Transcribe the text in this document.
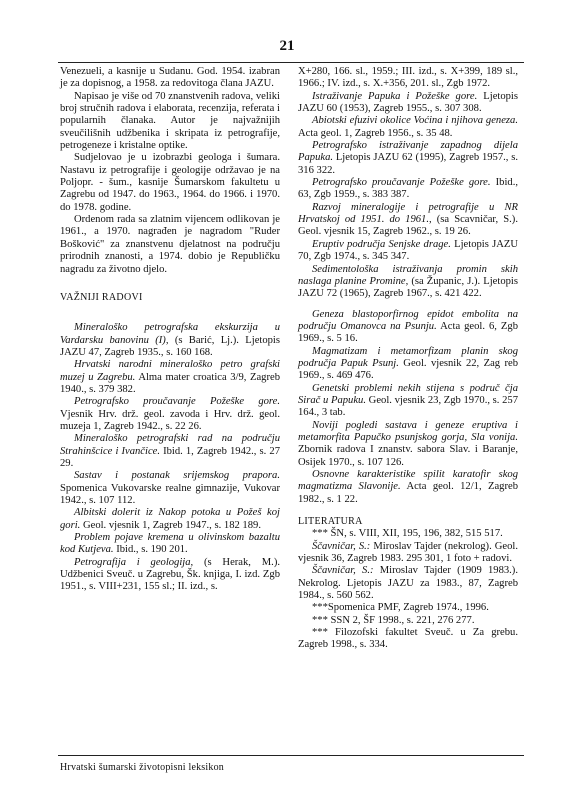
21

Venezueli, a kasnije u Sudanu. God. 1954. izabran je za dopisnog, a 1958. za redovitoga člana JAZU.

Napisao je više od 70 znanstvenih radova, veliki broj stručnih radova i elaborata, recenzija, referata i popularnih članaka. Autor je najvažnijih sveučilišnih udžbenika i skripata iz petrografije, petrogeneze i kristalne optike.

Sudjelovao je u izobrazbi geologa i šumara. Nastavu iz petrografije i geologije održavao je na Poljopr. - šum., kasnije Šumarskom fakultetu u Zagrebu od 1947. do 1963., 1964. do 1966. i 1970. do 1978. godine.

Ordenom rada sa zlatnim vijencem odlikovan je 1961., a 1970. nagrađen je nagradom "Ruder Bošković" za znanstvenu djelatnost na području prirodnih znanosti, a 1974. dobio je Republičku nagradu za životno djelo.

VAŽNIJI RADOVI

Mineraloško petrografska ekskurzija u Vardarsku banovinu (I), (s Barić, Lj.). Ljetopis JAZU 47, Zagreb 1935., s. 160 168.

Hrvatski narodni mineraloško petro grafski muzej u Zagrebu. Alma mater croatica 3/9, Zagreb 1940., s. 379 382.

Petrografsko proučavanje Požeške gore. Vjesnik Hrv. drž. geol. zavoda i Hrv. drž. geol. muzeja 1, Zagreb 1942., s. 22 26.

Mineraloško petrografski rad na području Strahinšcice i Ivančice. Ibid. 1, Zagreb 1942., s. 27 29.

Sastav i postanak srijemskog prapora. Spomenica Vukovarske realne gimnazije, Vukovar 1942., s. 107 112.

Albitski dolerit iz Nakop potoka u Požeš koj gori. Geol. vjesnik 1, Zagreb 1947., s. 182 189.

Problem pojave kremena u olivinskom bazaltu kod Kutjeva. Ibid., s. 190 201.

Petrografija i geologija, (s Herak, M.). Udžbenici Sveuč. u Zagrebu, Šk. knjiga, I. izd. Zgb 1951., s. VIII+231, 155 sl.; II. izd., s.

X+280, 166. sl., 1959.; III. izd., s. X+399, 189 sl., 1966.; IV. izd., s. X.+356, 201. sl., Zgb 1972.

Istraživanje Papuka i Požeške gore. Ljetopis JAZU 60 (1953), Zagreb 1955., s. 307 308.

Abiotski efuzivi okolice Voćina i njihova geneza. Acta geol. 1, Zagreb 1956., s. 35 48.

Petrografsko istraživanje zapadnog dijela Papuka. Ljetopis JAZU 62 (1995), Zagreb 1957., s. 316 322.

Petrografsko proučavanje Požeške gore. Ibid., 63, Zgb 1959., s. 383 387.

Razvoj mineralogije i petrografije u NR Hrvatskoj od 1951. do 1961., (sa Scavničar, S.). Geol. vjesnik 15, Zagreb 1962., s. 19 26.

Eruptiv područja Senjske drage. Ljetopis JAZU 70, Zgb 1974., s. 345 347.

Sedimentološka istraživanja promin skih naslaga planine Promine, (sa Županic, J.). Ljetopis JAZU 72 (1965), Zagreb 1967., s. 421 422.

Geneza blastoporfirnog epidot embolita na području Omanovca na Psunju. Acta geol. 6, Zgb 1969., s. 5 16.

Magmatizam i metamorfizam planin skog područja Papuk Psunj. Geol. vjesnik 22, Zag reb 1969., s. 469 476.

Genetski problemi nekih stijena s područ čja Sirač u Papuku. Geol. vjesnik 23, Zgb 1970., s. 257 164., 3 tab.

Noviji pogledi sastava i geneze eruptiva i metamorfita Papučko psunjskog gorja, Sla vonija. Zbornik radova I znanstv. sabora Slav. i Baranje, Osijek 1970., s. 107 126.

Osnovne karakteristike spilit karatofir skog magmatizma Slavonije. Acta geol. 12/1, Zagreb 1982., s. 1 22.

LITERATURA

*** ŠN, s. VIII, XII, 195, 196, 382, 515 517.

Ščavničar, S.: Miroslav Tajder (nekrolog). Geol. vjesnik 36, Zagreb 1983. 295 301, 1 foto + radovi.

Ščavničar, S.: Miroslav Tajder (1909 1983.). Nekrolog. Ljetopis JAZU za 1983., 87, Zagreb 1984., s. 560 562.

***Spomenica PMF, Zagreb 1974., 1996.

*** SSN 2, ŠF 1998., s. 221, 276 277.

*** Filozofski fakultet Sveuč. u Za grebu. Zagreb 1998., s. 334.

Hrvatski šumarski životopisni leksikon
